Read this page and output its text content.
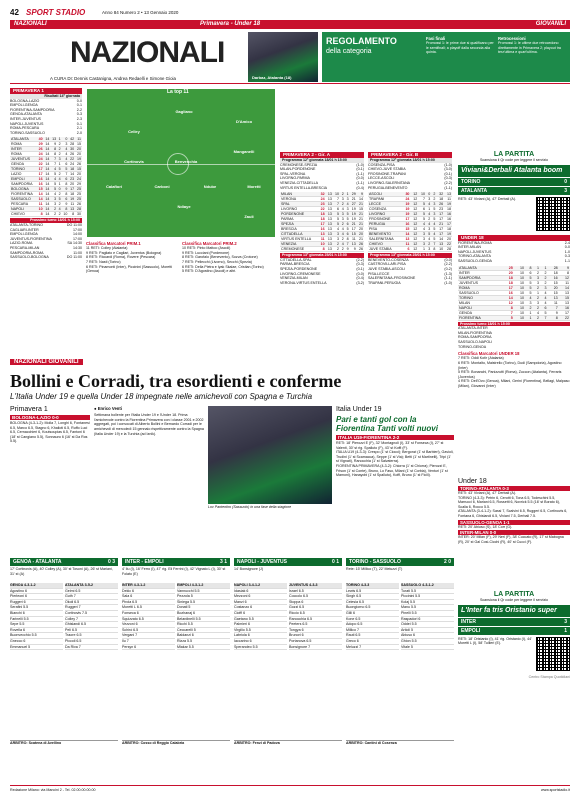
42 SPORT STADIO	Anno 84 Numero 2 • 13 Gennaio 2020
NAZIONALI	Primavera - Under 18	GIOVANILI
NAZIONALI
A CURA DI: Dennis Castanigna, Andrea Redaelli e Simone Gioia	Darbaz, Atalanta (18)
REGOLAMENTO
della categoria
Fasi finali
Promossi 1: le prime due si qualificano per le semifinali; a playoff dalla seconda alla quinta.
Retrocessioni
Promossi 1: le ultime due retrocedono direttamente in Primavera 2; playout tra terz'ultima e quart'ultima.
PRIMAVERA 1
Risultati 14ª giornata
BOLOGNA-LAZIO	0-0
EMPOLI-GENOA	0-1
FIORENTINA-SAMPDORIA	2-2
GENOA-ATALANTA	0-3
INTER-JUVENTUS	2-3
NAPOLI-JUVENTUS	0-1
ROMA-PESCARA	2-1
TORINO-SASSUOLO	2-0
ATALANTA	40	14	13	1	0	42	11
ROMA	29	14	9	2	3	28	15
INTER	26	14	8	2	4	30	20
ROMA	24	14	8	2	4	26	20
JUVENTUS	24	14	7	3	4	22	19
GENOA	22	14	7	1	6	24	26
TORINO	17	14	4	5	5	18	15
LAZIO	17	14	5	2	7	14	20
EMPOLI	16	14	4	4	6	23	24
SAMPDORIA	16	14	5	1	8	20	29
BOLOGNA	15	14	5	0	9	17	25
FIORENTINA	14	14	4	2	8	18	25
SASSUOLO	14	14	3	5	6	19	25
PESCARA	11	14	3	2	9	11	26
NAPOLI	10	14	2	4	8	13	28
CHIEVO	8	14	2	2	10	8	30
Prossimo turno 18/01 h 15:00
ATALANTA-TORINO	DO 11:00
CAGLIARI-INTER	17:00
EMPOLI-GENOA	14:00
JUVENTUS-FIORENTINA	17:00
LAZIO-ROMA	SA 14:30
PESCARA-MILAN	14:30
SAMPDORIA-ROMA	11:00
SASSUOLO-BOLOGNA	DO 11:00
La top 11
Gagliano
D'Amico
Celley
Cortinovis	Benvenchia
Manganelli
Calafiori	Carboni	Ndube	Moretti
Ndiaye
Zauli
Classifica Marcatori PRIM.1
11 RETI: Colley (Atalanta)
9 RETI: Pagliato e Cagliari, Juventus (Bologna)
8 RETI: Riccardi (Roma), Rovere (Pescara)
7 RETI: Nasti (Torino)
6 RETI: Pinamonti (Inter), Piccinini (Sassuolo), Moretti (Genoa)
Classifica Marcatori PRIM.2
10 RETI: Pinto Mattoo (Ascoli)
9 RETI: Lucciani (Pordenone)
8 RETI: Garofalo (Benevento), Sozva (Crotone)
7 RETI: Pellecchi (Livorno), Secchi (Spezia)
6 RETI: Della Pietra e Iyak Skalae, Cristian (Torino)
5 RETI: D'Agostino (Ascoli) e altri.
PRIMAVERA 2 - Gir. A
Programma 12ª giornata 18/01 h 15:00
CREMONESE-SPEZIA	(1-0)
MILAN-PORDENONE	(0-1)
SPAL-VERONA	(1-1)
LIVORNO-PARMA	(0-0)
VENEZIA-CITTADELLA	(1-1)
VIRTUS ENTELLA-BRESCIA	(0-4)
MILAN	32	13	10	2	1	29	9
VERONA	24	13	7	3	3	21	14
SPAL	23	13	7	2	4	27	21
LIVORNO	22	13	6	4	3	19	15
PORDENONE	18	13	5	3	5	19	21
PARMA	18	13	5	3	5	19	21
SPEZIA	17	13	5	2	6	21	21
BRESCIA	16	13	4	4	5	17	20
CITTADELLA	13	13	3	4	6	15	20
VIRTUS ENTELLA	11	13	3	2	8	11	21
VENEZIA	10	13	2	4	7	13	26
CREMONESE	8	13	2	2	9	9	26
Programma 13ª giornata 25/01 h 15:00
CITTADELLA-SPAL	(2-2)
PARMA-BRESCIA	(0-3)
SPEZIA-PORDENONE	(0-1)
LIVORNO-CREMONESE	(0-0)
VENEZIA-MILAN	(0-4)
VERONA-VIRTUS ENTELLA	(3-2)
PRIMAVERA 2 - Gir. B
Programma 12ª giornata 18/01 h 15:00
COSENZA-PISA	(1-0)
CHIEVO-JUVE STABIA	(3-0)
FROSINONE-TRAPANI	(0-1)
LECCE-ASCOLI	(0-3)
LIVORNO-SALERNITANA	(2-2)
PERUGIA-BENEVENTO	(1-1)
ASCOLI	30	12	10	0	2	32	13
TRAPANI	24	12	7	3	2	18	11
LECCE	19	12	5	4	3	26	19
COSENZA	19	12	6	1	5	23	18
LIVORNO	19	12	5	4	3	17	16
FROSINONE	17	12	5	2	5	17	16
PERUGIA	16	12	4	4	4	21	17
PISA	15	12	4	3	5	17	18
BENEVENTO	14	12	3	5	4	17	19
SALERNITANA	13	12	3	4	5	14	20
CHIEVO	11	12	3	2	7	13	22
JUVE STABIA	6	12	1	3	8	10	28
Programma 13ª giornata 25/01 h 15:00
BENEVENTO-COSENZA	(0-0)
CASTROVILLARI-PISA	(2-2)
JUVE STABIA-ASCOLI	(0-2)
PISA-LECCE	(1-3)
SALERNITANA-FROSINONE	(1-1)
TRAPANI-PERUGIA	(1-0)
LA PARTITA
Scansiona il Qr code per leggere il servizio
Viviani&Derbali Atalanta boom
TORINO	0
ATALANTA	3
RETI: 43' Viviani (A), 47' Derbali (A).
UNDER 18
FIORENTINA-ROMA	2-4
INTER-MILAN	0-0
NAPOLI-JUVENTUS	1-0
TORINO-ATALANTA	0-3
SASSUOLO-GENOA	1-1
ATALANTA	25	10	8	1	1	28	9
INTER	20	10	6	2	2	18	8
SAMPDORIA	18	10	5	3	2	16	12
JUVENTUS	18	10	5	3	2	15	11
ROMA	17	10	5	2	3	20	14
SASSUOLO	16	10	5	1	4	15	13
TORINO	14	10	4	2	4	13	15
MILAN	12	10	3	3	4	11	13
NAPOLI	8	10	2	2	6	7	16
GENOA	7	10	1	4	5	9	17
FIORENTINA	5	10	1	2	7	8	22
Prossimo turno 18/01 h 15:00
ATALANTA-INTER
MILAN-FIORENTINA
ROMA-SAMPDORIA
SASSUOLO-NAPOLI
TORINO-GENOA
Classifica Marcatori UNDER 18
7 RETI: Oddi Kotir (Atalanta)
6 RETI: Montalto, Maistrello (Torino), Dudi (Sampdoria), Agostino (Inter)
5 RETI: Bonanchi, Panizzutti (Roma), Zuccon (Atalanta), Ferraris (Juventus)
4 RETI: Dell'Ovo (Genoa), Milani, Gerini (Fiorentina), Bellagi, Malpaso (Milan), Giovanni (Inter)
NAZIONALI GIOVANILI
Bollini e Corradi, tra esordienti e conferme
L'Italia Under 19 e quella Under 18 impegnate nelle amichevoli con Spagna e Turchia
Primavera 1
BOLOGNA-LAZIO 0-0
BOLOGNA (4-3-1-2): Molla 7, Longhi 6, Fontanesi 6.5, Marco 6.5, Stagno 6, Khailoti 6.5, Ruffo Luci 6.5, Cernacchieri 6, Koutsoupias 6.5, Fantoni 6 (18' st Cangiano 5.5), Sonnauro 6 (16' st Da Ros 5.5).
● Enrico Venti
Settimana bollente per l'Italia Under 19 e l'Under 18. Prima l'amichevole contro la Fiorentina Primavera con i classe 2001 e 2002 aggregati, poi i convocati di Alberto Bollini e Bernardo Corradi per le amichevoli di mercoledì 15 gennaio rispettivamente contro la Spagna (Italia Under 19) e la Turchia (ad Iznik).
Lov Pantentiro (Sassuolo) in una fase della stagione
Italia Under 19
Pari e tanti gol con la Fiorentina Tanti volti nuovi
ITALIA U19-FIORENTINA 2-2
RETI: 18' Pierozzi E (F), 32' Montagnoli (I), 33' st Fonseca (I), 27' st Valenti, 30' st rig. Spalluto (F), 43' st Koffi (F).
ITALIA U19 (4-3-3): Crespo (1' st Ciocci); Bergonzi (1' st Barbieri), Gavioli, Trudini (1' st Scamacca), Seppe (1' st Via); Betti (1' st Martinelli), Tripi (1' st Vignati), Ranocchia (1' st Salvaterra).
FIORENTINA PRIMAVERA (4-3-2): Chiorra (1' st Chiorra); Pierozzi E, Frison (1' st Conte), Bruno, Lo Faso, Milani (1' st Corbia), Venturi (1' st Mamoni), Hanayobi (1' st Spalluto), Koffi, Bruno (1' st Ficili).
Under 18
TORINO-ATALANTA 0-3
RETI: 43' Viviani (A), 47' Derbali (A).
TORINO (4-3-3): Petrin 6, Cerotti 6, Tona 6.5, Todeschini 5.5, Marrucci 6, Mariani 6.5, Rossetti 6, Novrick 5.5 (16' st Borato 6), Scalia 6, Rocco 5.5.
ATALANTA (3-4-1-2): Sassi 7, Scalvini 6.5, Ruggeri 6.5, Cortinovis 6, Fontana 6, Ghislandi 6.5, Viviani 7.5, Derbali 7.5.
SASSUOLO-GENOA 1-1
RETI: 20' Abiuso (S), 18' Corr (G).
INTER-MILAN 0-0
INTER: 20' Milan (F), 29' Neri (F), 38' Cuccato (R), 17' st Mabogna (R), 20' st Gal Cosi-Cicchi (R), 40' st Cucci (F).
LA PARTITA
Scansiona il Qr code per leggere il servizio
L'Inter fa tris Oristanio super
INTER	3
EMPOLI	1
RETI: 18' Oristanio (I), 41' rig. Oristanio (I), 44' Moretti L (I), 58' Tullieri (E).
Centro Stampa Quotidiani
GENOA - ATALANTA	0 3
17' Cortinovis (A), 40' Colley (A), 30' st Tosoni (A), 26' st Mariani, 31' st (A)
GENOA 4-3-1-2
Agostino 6
Pierleoni 6
Ruggeri 6
Serafini 5.5
Bianchi 6
Farinelli 5.5
Sepe 5.5
Rovella 6
Buonvecchio 5.5
Gnecco 6
Emmanuel 5
ATALANTA 3-5-2
Gelmi 6.5
Guth 7
Okoli 6.5
Ruggeri 7
Cortinovis 7.5
Colley 7
Ghislandi 6.5
Peli 6.5
Traore 6.5
Piccoli 6.5
Da Riva 7
ARBITRO: Scatena di Avellino
INTER - EMPOLI	3 1
4' Ilu (I), 16' Ferro (I), 47' rig. Eli Ferrini (I), 42' Vignato L (I), 30' st Folato (E)
INTER 4-3-1-2
Dekic 6
Sala 6
Pirola 6.5
Moretti L 6.5
Fonseca 6
Squizzato 6.5
Vezzoni 6
Schirò 6.5
Vergani 7
Ilu 7
Persyn 6
EMPOLI 4-3-1-2
Vannucchi 5.5
Pezzola 5
Siniega 5.5
Donati 5
Bozhanaj 6
Belardinelli 5.5
Ricchi 5.5
Ceccarelli 5
Baldanzi 6
Rizza 5.5
Mlakar 5.5
ARBITRO: Cosso di Reggio Calabria
NAPOLI - JUVENTUS	0 1
14' Bonsignore (J)
NAPOLI 3-4-1-2
Idasiak 6
Mezzoni 6
Manzi 6
Costanzo 6
Cioffi 6
Gaetano 5.5
Palmieri 6
Virgilio 5.5
Labriola 6
Iaccarino 6
Sperandeo 5.5
JUVENTUS 4-3-3
Israel 6.5
Coccolo 6.5
Stoppa 6
Gozzi 6.5
Riccio 6.5
Ranocchia 6.5
Peeters 6.5
Tongya 6
Brunori 6
Portanova 6.5
Bonsignore 7
ARBITRO: Fenzi di Padova
TORINO - SASSUOLO	2 0
Rete: 15' Millico (T), 22' Meluzzi (T)
TORINO 4-3-3
Lewis 6.5
Singh 6.5
Celesia 6.5
Buongiorno 6.5
Gilli 6
Kone 6.5
Adopo 6.5
Millico 7
Rauti 6.5
Greco 6
Meluzzi 7
SASSUOLO 4-3-1-2
Turati 5.5
Piccinini 5.5
Kolaj 5.5
Manu 5.5
Pinelli 5.5
Raspadori 6
Oddei 5.5
Artioli 5
Abiuso 6
Ghion 5.5
Vitale 5
ARBITRO: Cantini di Cosenza
Redazione Milano: via Mancini 2 - Tel. 02.00.00.00.00	www.sportstadio.it
